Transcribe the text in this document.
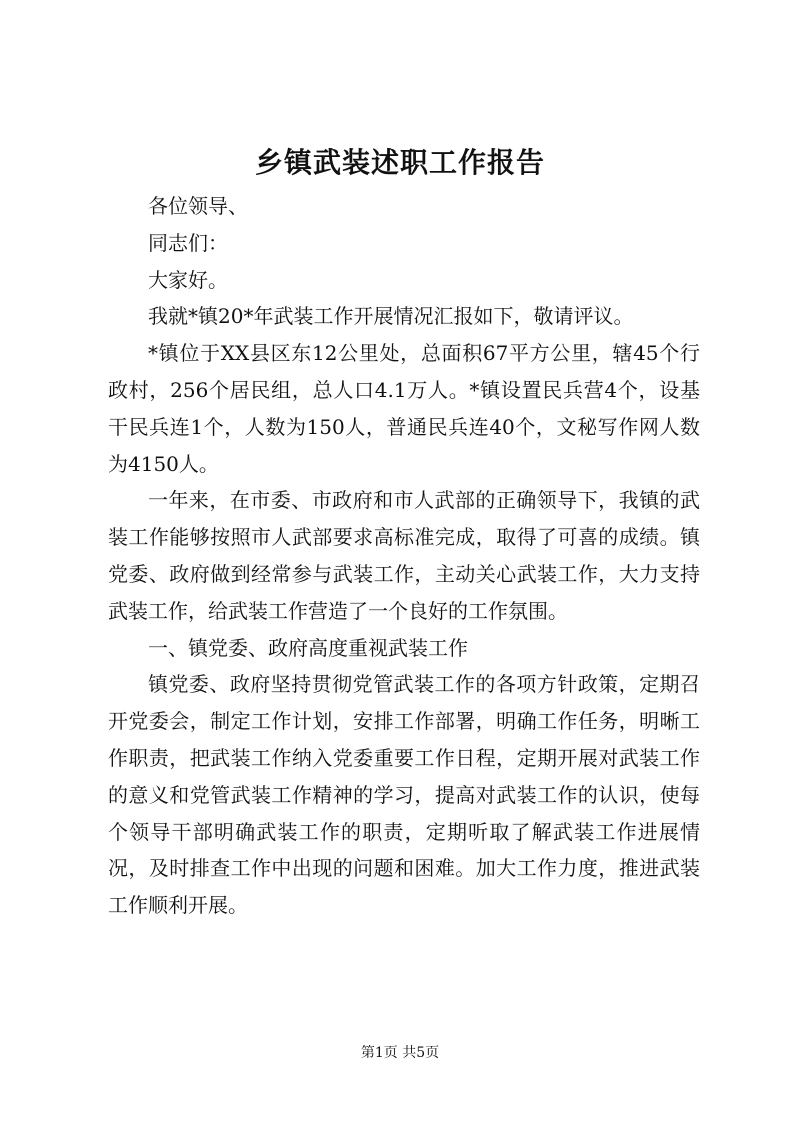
乡镇武装述职工作报告

各位领导、

同志们：

大家好。

我就*镇20*年武装工作开展情况汇报如下，敬请评议。

*镇位于XX县区东12公里处，总面积67平方公里，辖45个行政村，256个居民组，总人口4.1万人。*镇设置民兵营4个，设基干民兵连1个，人数为150人，普通民兵连40个，文秘写作网人数为4150人。

一年来，在市委、市政府和市人武部的正确领导下，我镇的武装工作能够按照市人武部要求高标准完成，取得了可喜的成绩。镇党委、政府做到经常参与武装工作，主动关心武装工作，大力支持武装工作，给武装工作营造了一个良好的工作氛围。

一、镇党委、政府高度重视武装工作

镇党委、政府坚持贯彻党管武装工作的各项方针政策，定期召开党委会，制定工作计划，安排工作部署，明确工作任务，明晰工作职责，把武装工作纳入党委重要工作日程，定期开展对武装工作的意义和党管武装工作精神的学习，提高对武装工作的认识，使每个领导干部明确武装工作的职责，定期听取了解武装工作进展情况，及时排查工作中出现的问题和困难。加大工作力度，推进武装工作顺利开展。

第1页 共5页
